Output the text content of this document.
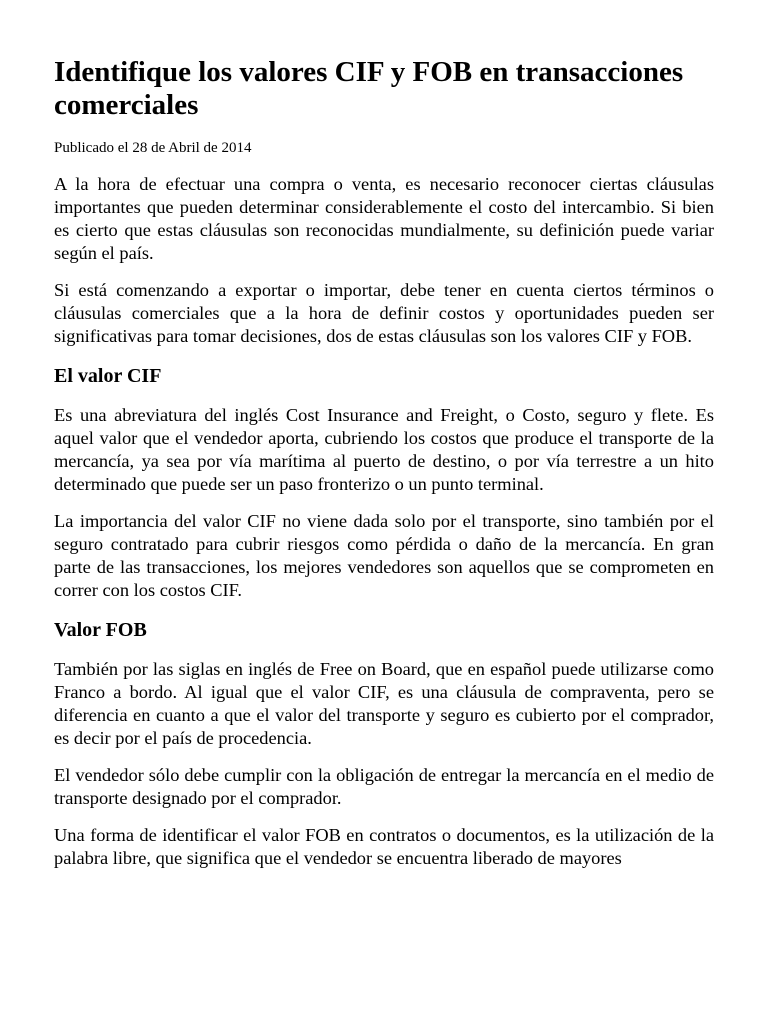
Identifique los valores CIF y FOB en transacciones comerciales
Publicado el 28 de Abril de 2014

A la hora de efectuar una compra o venta, es necesario reconocer ciertas cláusulas importantes que pueden determinar considerablemente el costo del intercambio. Si bien es cierto que estas cláusulas son reconocidas mundialmente, su definición puede variar según el país.

Si está comenzando a exportar o importar, debe tener en cuenta ciertos términos o cláusulas comerciales que a la hora de definir costos y oportunidades pueden ser significativas para tomar decisiones, dos de estas cláusulas son los valores CIF y FOB.

El valor CIF

Es una abreviatura del inglés Cost Insurance and Freight, o Costo, seguro y flete. Es aquel valor que el vendedor aporta, cubriendo los costos que produce el transporte de la mercancía, ya sea por vía marítima al puerto de destino, o por vía terrestre a un hito determinado que puede ser un paso fronterizo o un punto terminal.

La importancia del valor CIF no viene dada solo por el transporte, sino también por el seguro contratado para cubrir riesgos como pérdida o daño de la mercancía. En gran parte de las transacciones, los mejores vendedores son aquellos que se comprometen en correr con los costos CIF.

Valor FOB

También por las siglas en inglés de Free on Board, que en español puede utilizarse como Franco a bordo. Al igual que el valor CIF, es una cláusula de compraventa, pero se diferencia en cuanto a que el valor del transporte y seguro es cubierto por el comprador, es decir por el país de procedencia.

El vendedor sólo debe cumplir con la obligación de entregar la mercancía en el medio de transporte designado por el comprador.

Una forma de identificar el valor FOB en contratos o documentos, es la utilización de la palabra libre, que significa que el vendedor se encuentra liberado de mayores
